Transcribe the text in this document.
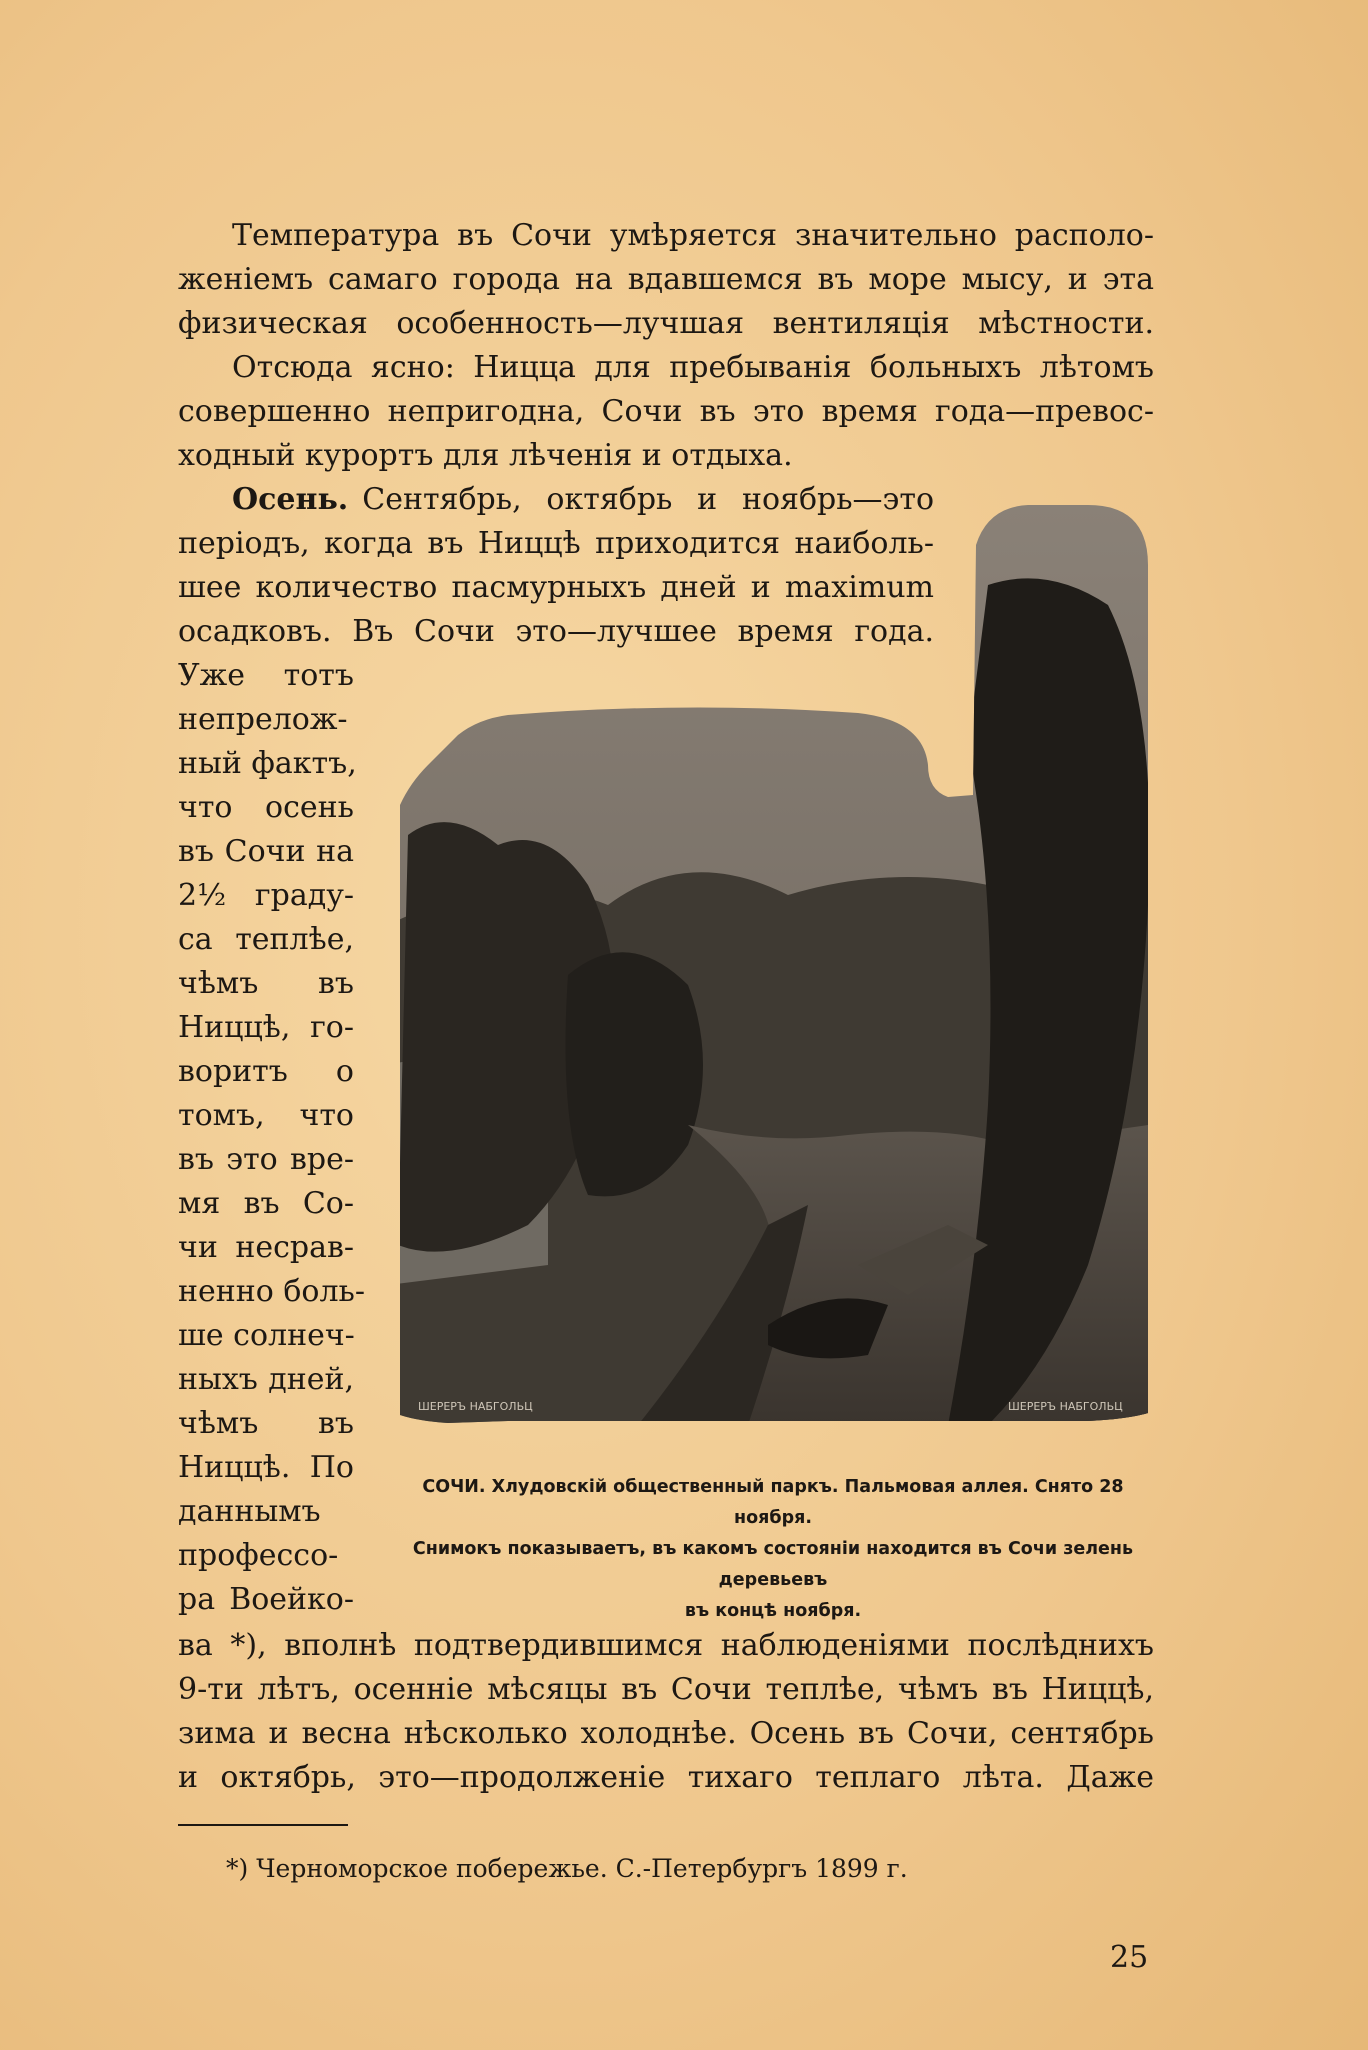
Температура въ Сочи умѣряется значительно располо-
женіемъ самаго города на вдавшемся въ море мысу, и эта
физическая особенность—лучшая вентиляція мѣстности.
Отсюда ясно: Ницца для пребыванія больныхъ лѣтомъ
совершенно непригодна, Сочи въ это время года—превос-
ходный курортъ для лѣченія и отдыха.
Осень. Сентябрь, октябрь и ноябрь—это
періодъ, когда въ Ниццѣ приходится наиболь-
шее количество пасмурныхъ дней и maximum
осадковъ. Въ Сочи это—лучшее время года.
Уже тотъ
непрелож-
ный фактъ,
что осень
въ Сочи на
2½ граду-
са теплѣе,
чѣмъ въ
Ниццѣ, го-
воритъ о
томъ, что
въ это вре-
мя въ Со-
чи несрав-
ненно боль-
ше солнеч-
ныхъ дней,
чѣмъ въ
Ниццѣ. По
даннымъ
профессо-
ра Воейко-
ШЕРЕРЪ НАБГОЛЬЦ	ШЕРЕРЪ НАБГОЛЬЦ
СОЧИ. Хлудовскій общественный паркъ. Пальмовая аллея. Снято 28 ноября.
Снимокъ показываетъ, въ какомъ состояніи находится въ Сочи зелень деревьевъ
въ концѣ ноября.
ва *), вполнѣ подтвердившимся наблюденіями послѣднихъ
9-ти лѣтъ, осенніе мѣсяцы въ Сочи теплѣе, чѣмъ въ Ниццѣ,
зима и весна нѣсколько холоднѣе. Осень въ Сочи, сентябрь
и октябрь, это—продолженіе тихаго теплаго лѣта. Даже
*) Черноморское побережье. С.-Петербургъ 1899 г.
25
